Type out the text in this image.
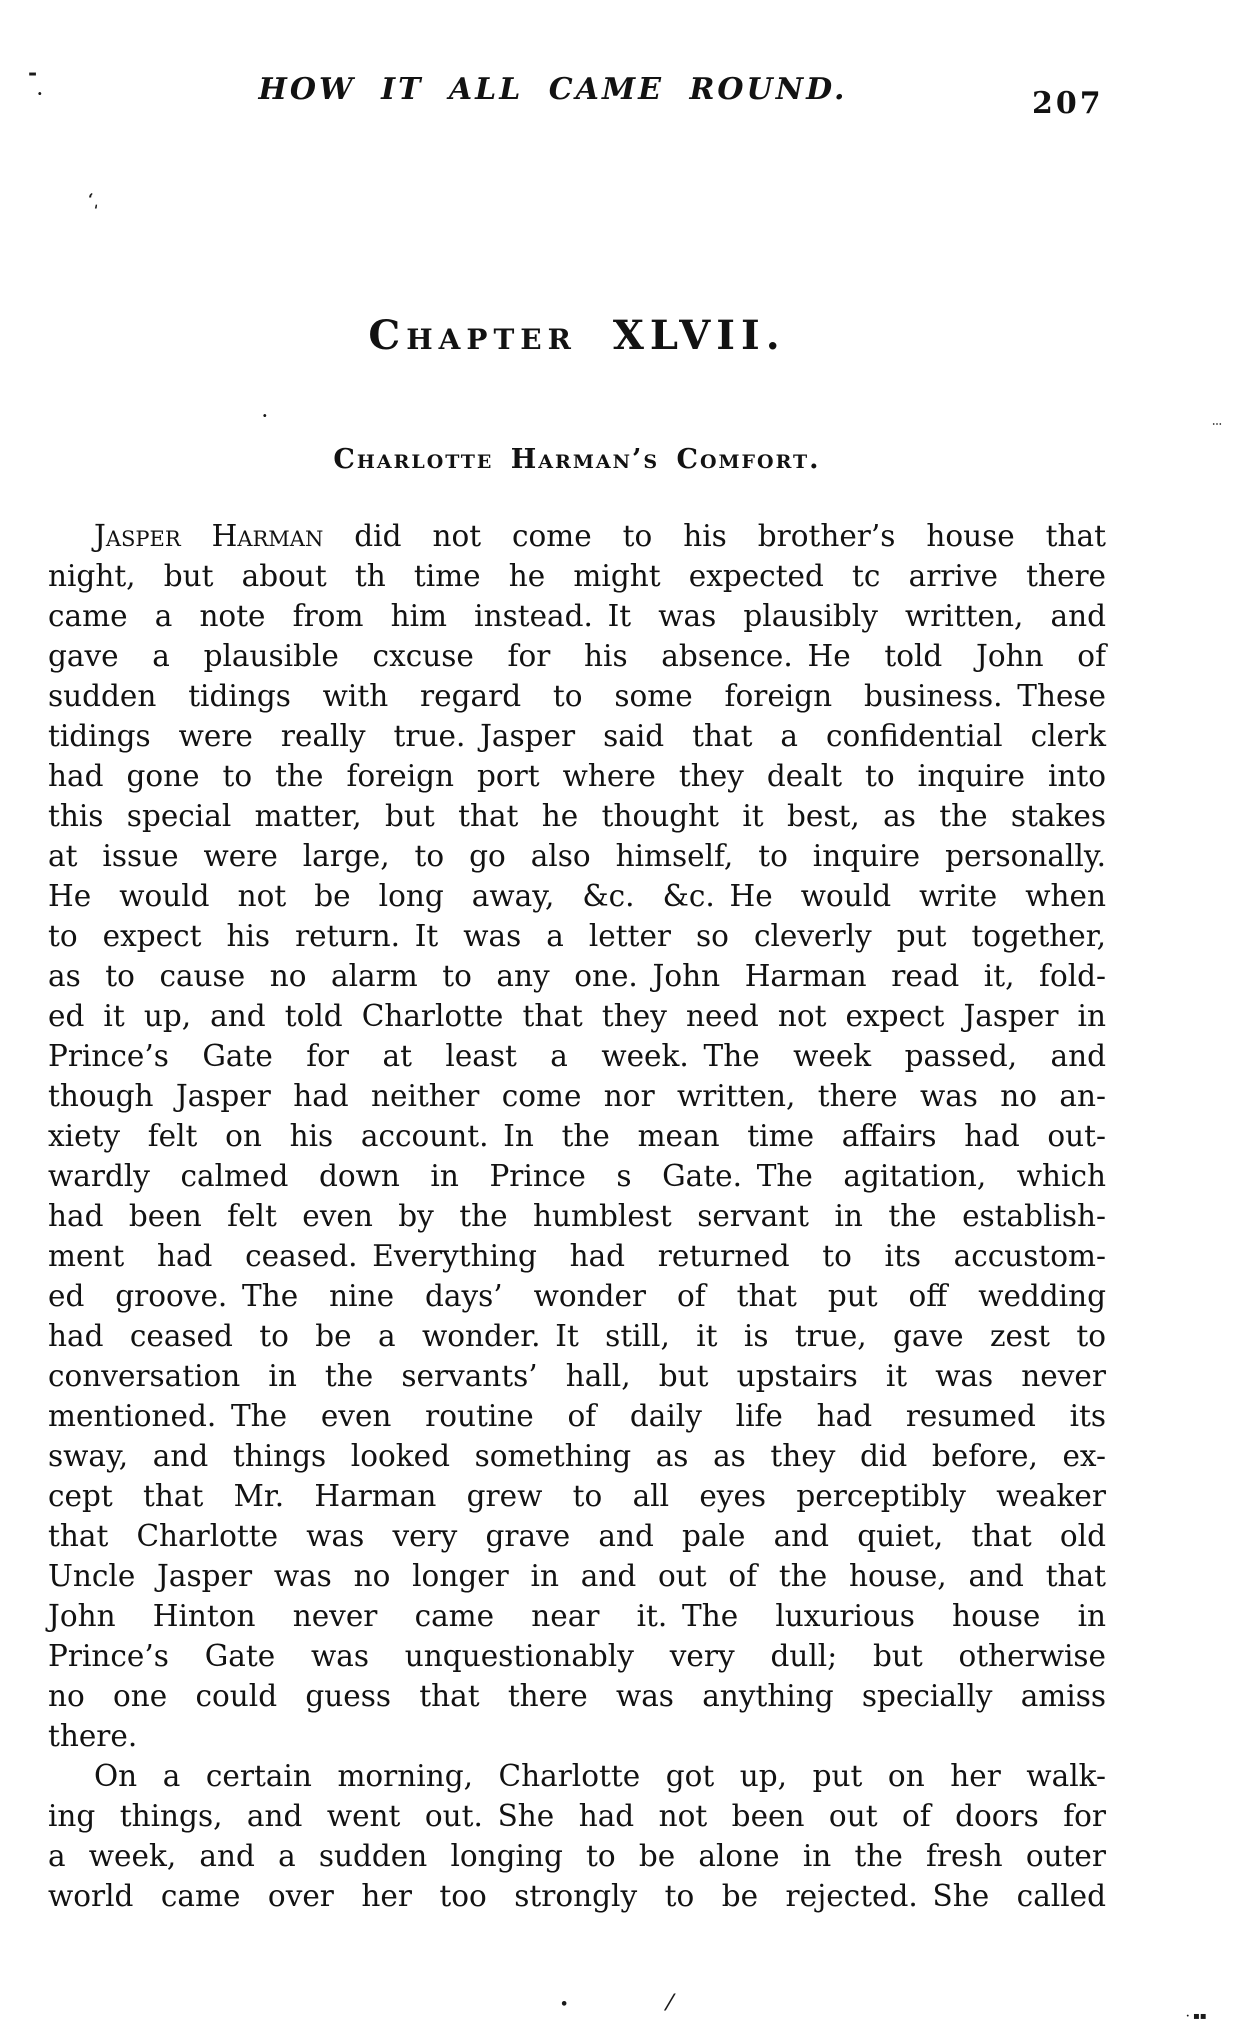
HOW IT ALL CAME ROUND.	207
Chapter XLVII.
Charlotte Harman’s Comfort.
Jasper Harman did not come to his brother’s house that
night, but about th time he might expected tc arrive there
came a note from him instead. It was plausibly written, and
gave a plausible cxcuse for his absence. He told John of
sudden tidings with regard to some foreign business. These
tidings were really true. Jasper said that a confidential clerk
had gone to the foreign port where they dealt to inquire into
this special matter, but that he thought it best, as the stakes
at issue were large, to go also himself, to inquire personally.
He would not be long away, &c. &c. He would write when
to expect his return. It was a letter so cleverly put together,
as to cause no alarm to any one. John Harman read it, fold-
ed it up, and told Charlotte that they need not expect Jasper in
Prince’s Gate for at least a week. The week passed, and
though Jasper had neither come nor written, there was no an-
xiety felt on his account. In the mean time affairs had out-
wardly calmed down in Prince s Gate. The agitation, which
had been felt even by the humblest servant in the establish-
ment had ceased. Everything had returned to its accustom-
ed groove. The nine days’ wonder of that put off wedding
had ceased to be a wonder. It still, it is true, gave zest to
conversation in the servants’ hall, but upstairs it was never
mentioned. The even routine of daily life had resumed its
sway, and things looked something as as they did before, ex-
cept that Mr. Harman grew to all eyes perceptibly weaker
that Charlotte was very grave and pale and quiet, that old
Uncle Jasper was no longer in and out of the house, and that
John Hinton never came near it. The luxurious house in
Prince’s Gate was unquestionably very dull; but otherwise
no one could guess that there was anything specially amiss
there.
On a certain morning, Charlotte got up, put on her walk-
ing things, and went out. She had not been out of doors for
a week, and a sudden longing to be alone in the fresh outer
world came over her too strongly to be rejected. She called
-
.
ʻ͵
·	⋯
•	⁄
· ▪▪
